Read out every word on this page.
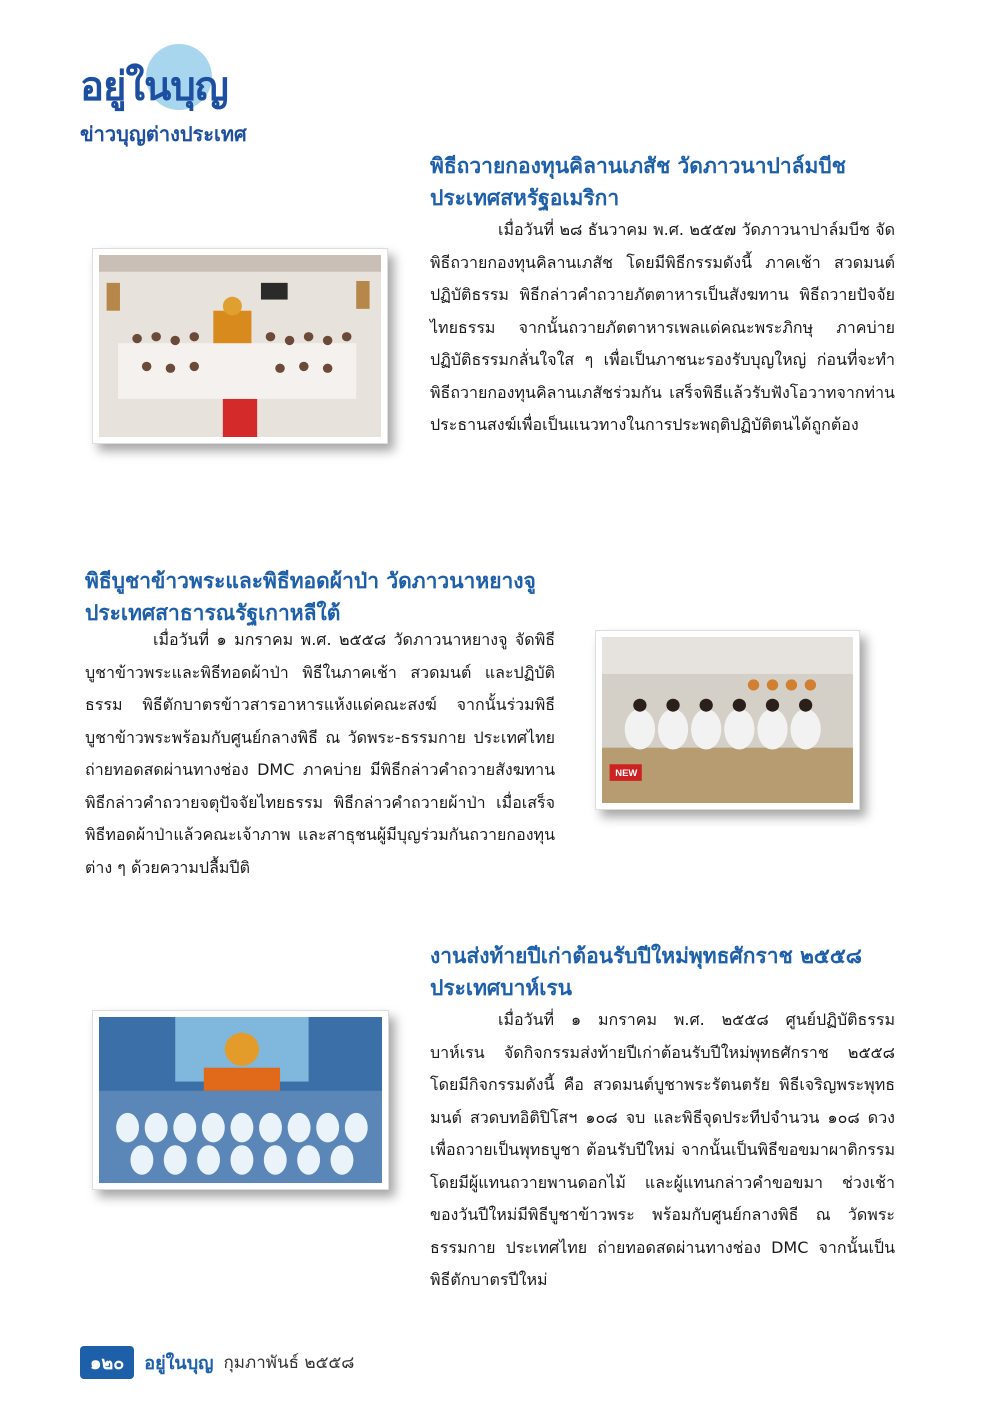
อยู่ในบุญ
ข่าวบุญต่างประเทศ
พิธีถวายกองทุนคิลานเภสัช วัดภาวนาปาล์มบีช
ประเทศสหรัฐอเมริกา

เมื่อวันที่ ๒๘ ธันวาคม พ.ศ. ๒๕๕๗ วัดภาวนาปาล์มบีช จัดพิธีถวายกองทุนคิลานเภสัช โดยมีพิธีกรรมดังนี้ ภาคเช้า สวดมนต์ ปฏิบัติธรรม พิธีกล่าวคำถวายภัตตาหารเป็นสังฆทาน พิธีถวายปัจจัยไทยธรรม จากนั้นถวายภัตตาหารเพลแด่คณะพระภิกษุ ภาคบ่าย ปฏิบัติธรรมกลั่นใจใส ๆ เพื่อเป็นภาชนะรองรับบุญใหญ่ ก่อนที่จะทำพิธีถวายกองทุนคิลานเภสัชร่วมกัน เสร็จพิธีแล้วรับฟังโอวาทจากท่านประธานสงฆ์เพื่อเป็นแนวทางในการประพฤติปฏิบัติตนได้ถูกต้อง

พิธีบูชาข้าวพระและพิธีทอดผ้าป่า วัดภาวนาหยางจู
ประเทศสาธารณรัฐเกาหลีใต้

เมื่อวันที่ ๑ มกราคม พ.ศ. ๒๕๕๘ วัดภาวนาหยางจู จัดพิธีบูชาข้าวพระและพิธีทอดผ้าป่า พิธีในภาคเช้า สวดมนต์ และปฏิบัติธรรม พิธีตักบาตรข้าวสารอาหารแห้งแด่คณะสงฆ์ จากนั้นร่วมพิธีบูชาข้าวพระพร้อมกับศูนย์กลางพิธี ณ วัดพระ-ธรรมกาย ประเทศไทย ถ่ายทอดสดผ่านทางช่อง DMC ภาคบ่าย มีพิธีกล่าวคำถวายสังฆทาน พิธีกล่าวคำถวายจตุปัจจัยไทยธรรม พิธีกล่าวคำถวายผ้าป่า เมื่อเสร็จพิธีทอดผ้าป่าแล้วคณะเจ้าภาพ และสาธุชนผู้มีบุญร่วมกันถวายกองทุนต่าง ๆ ด้วยความปลื้มปีติ

NEW
งานส่งท้ายปีเก่าต้อนรับปีใหม่พุทธศักราช ๒๕๕๘
ประเทศบาห์เรน

เมื่อวันที่ ๑ มกราคม พ.ศ. ๒๕๕๘ ศูนย์ปฏิบัติธรรม บาห์เรน จัดกิจกรรมส่งท้ายปีเก่าต้อนรับปีใหม่พุทธศักราช ๒๕๕๘ โดยมีกิจกรรมดังนี้ คือ สวดมนต์บูชาพระรัตนตรัย พิธีเจริญพระพุทธมนต์ สวดบทอิติปิโสฯ ๑๐๘ จบ และพิธีจุดประทีปจำนวน ๑๐๘ ดวง เพื่อถวายเป็นพุทธบูชา ต้อนรับปีใหม่ จากนั้นเป็นพิธีขอขมาผาติกรรม โดยมีผู้แทนถวายพานดอกไม้ และผู้แทนกล่าวคำขอขมา ช่วงเช้าของวันปีใหม่มีพิธีบูชาข้าวพระ พร้อมกับศูนย์กลางพิธี ณ วัดพระธรรมกาย ประเทศไทย ถ่ายทอดสดผ่านทางช่อง DMC จากนั้นเป็นพิธีตักบาตรปีใหม่

๑๒๐	อยู่ในบุญ กุมภาพันธ์ ๒๕๕๘
